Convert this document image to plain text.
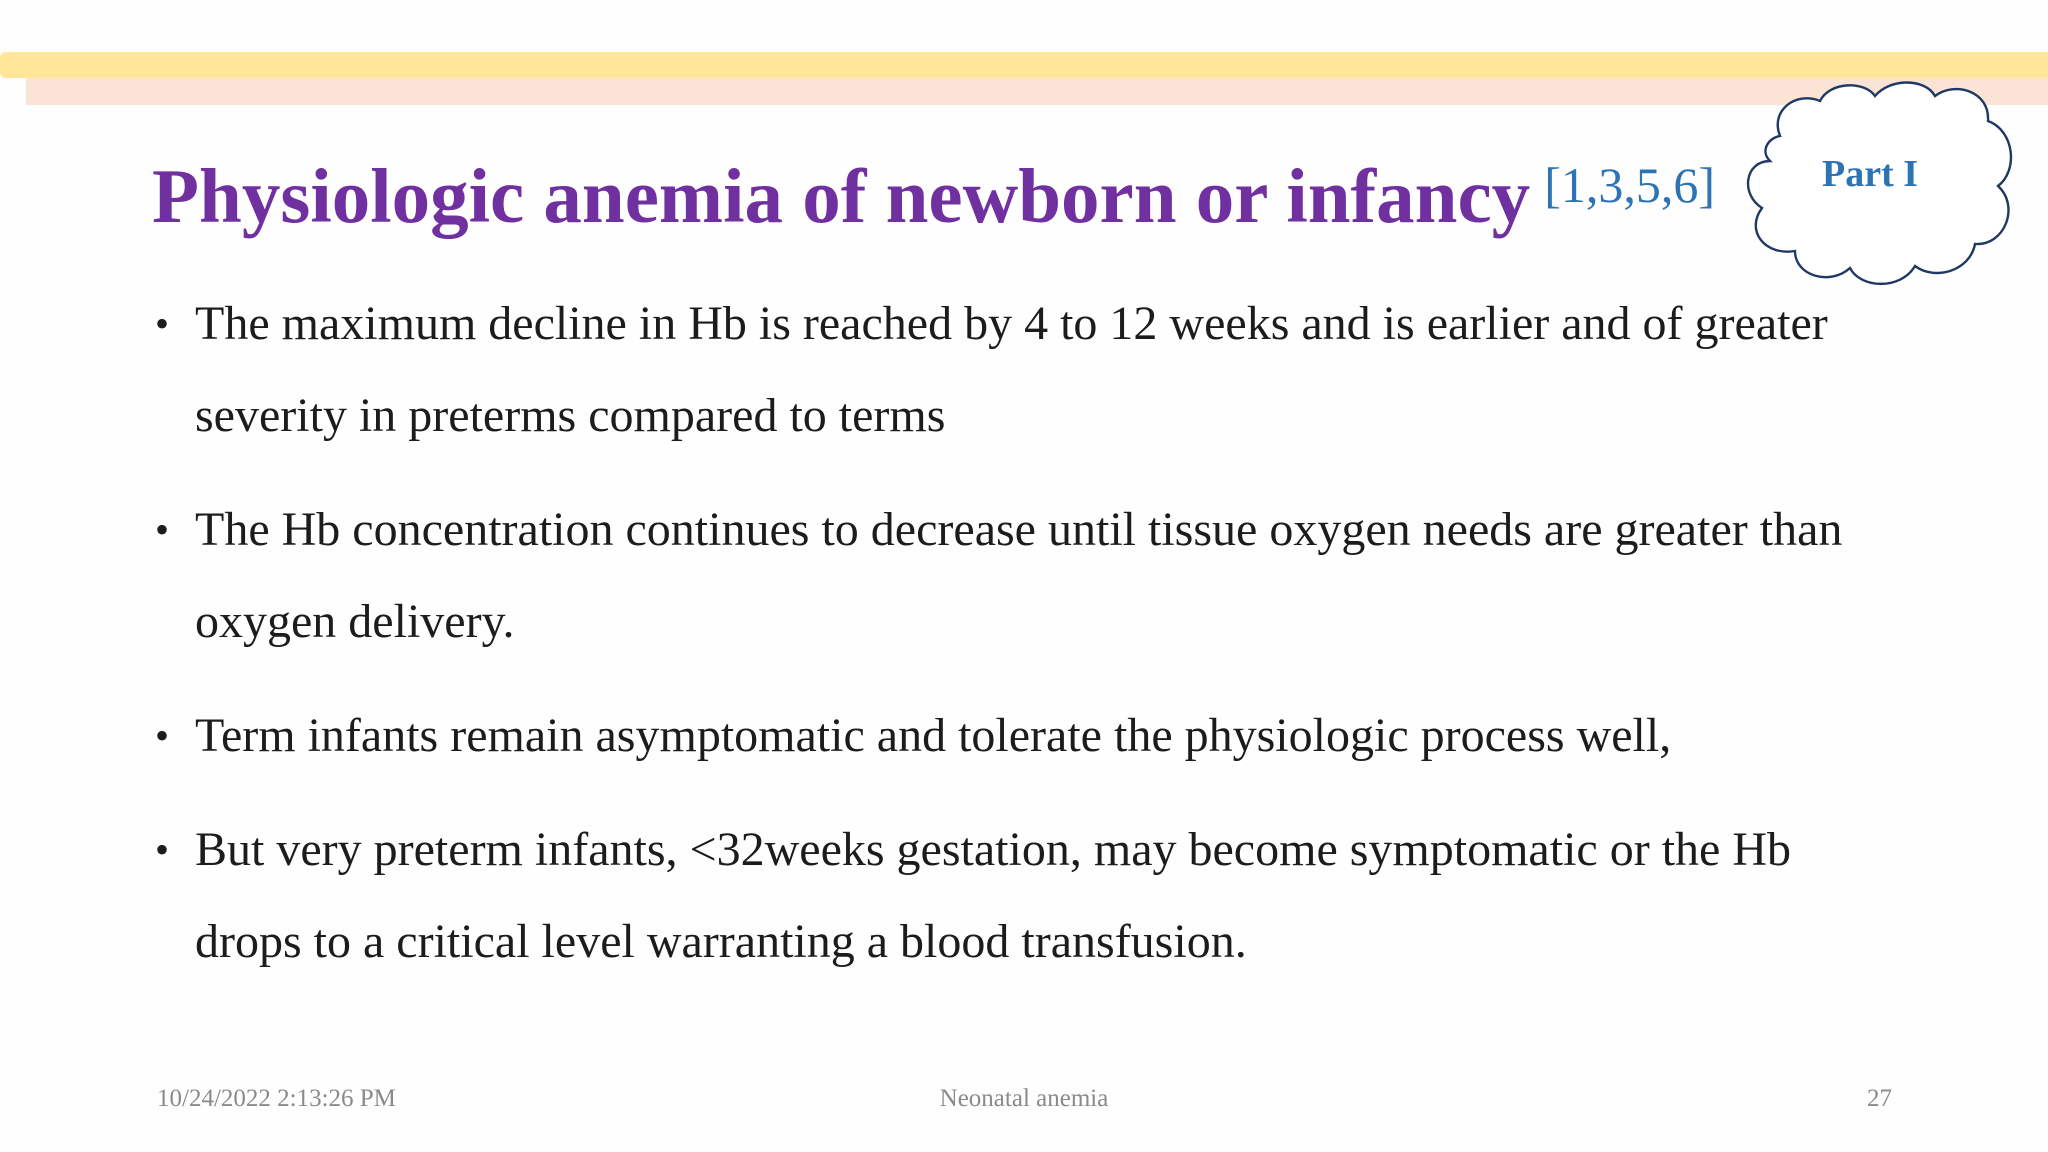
Physiologic anemia of newborn or infancy [1,3,5,6]	Part I
• The maximum decline in Hb is reached by 4 to 12 weeks and is earlier and of greater severity in preterms compared to terms
• The Hb concentration continues to decrease until tissue oxygen needs are greater than oxygen delivery.
• Term infants remain asymptomatic and tolerate the physiologic process well,
• But very preterm infants, <32weeks gestation, may become symptomatic or the Hb drops to a critical level warranting a blood transfusion.
Neonatal anemia
10/24/2022 2:13:26 PM	27
